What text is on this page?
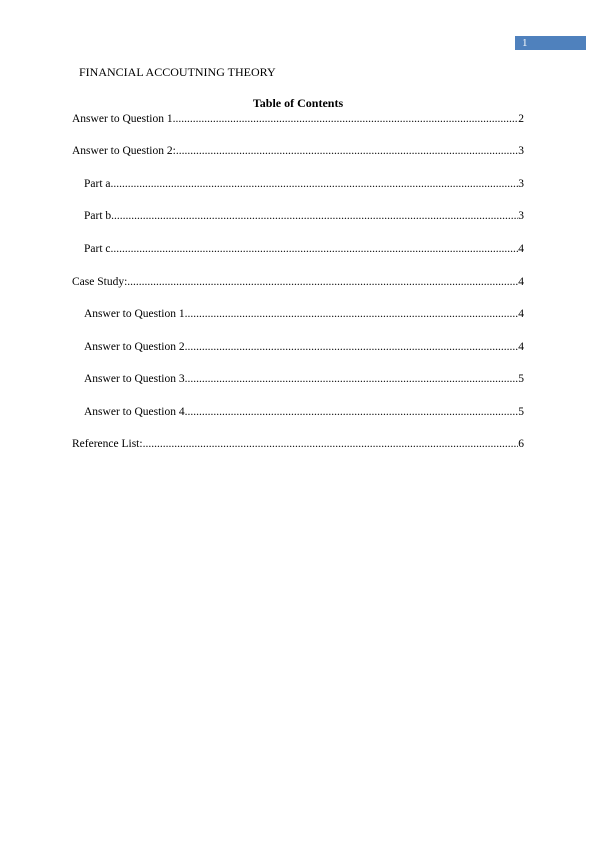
1
FINANCIAL ACCOUTNING THEORY
Table of Contents
Answer to Question 1 .....	2
Answer to Question 2: .....	3
Part a .....	3
Part b .....	3
Part c .....	4
Case Study: .....	4
Answer to Question 1 .....	4
Answer to Question 2 .....	4
Answer to Question 3 .....	5
Answer to Question 4 .....	5
Reference List: .....	6
